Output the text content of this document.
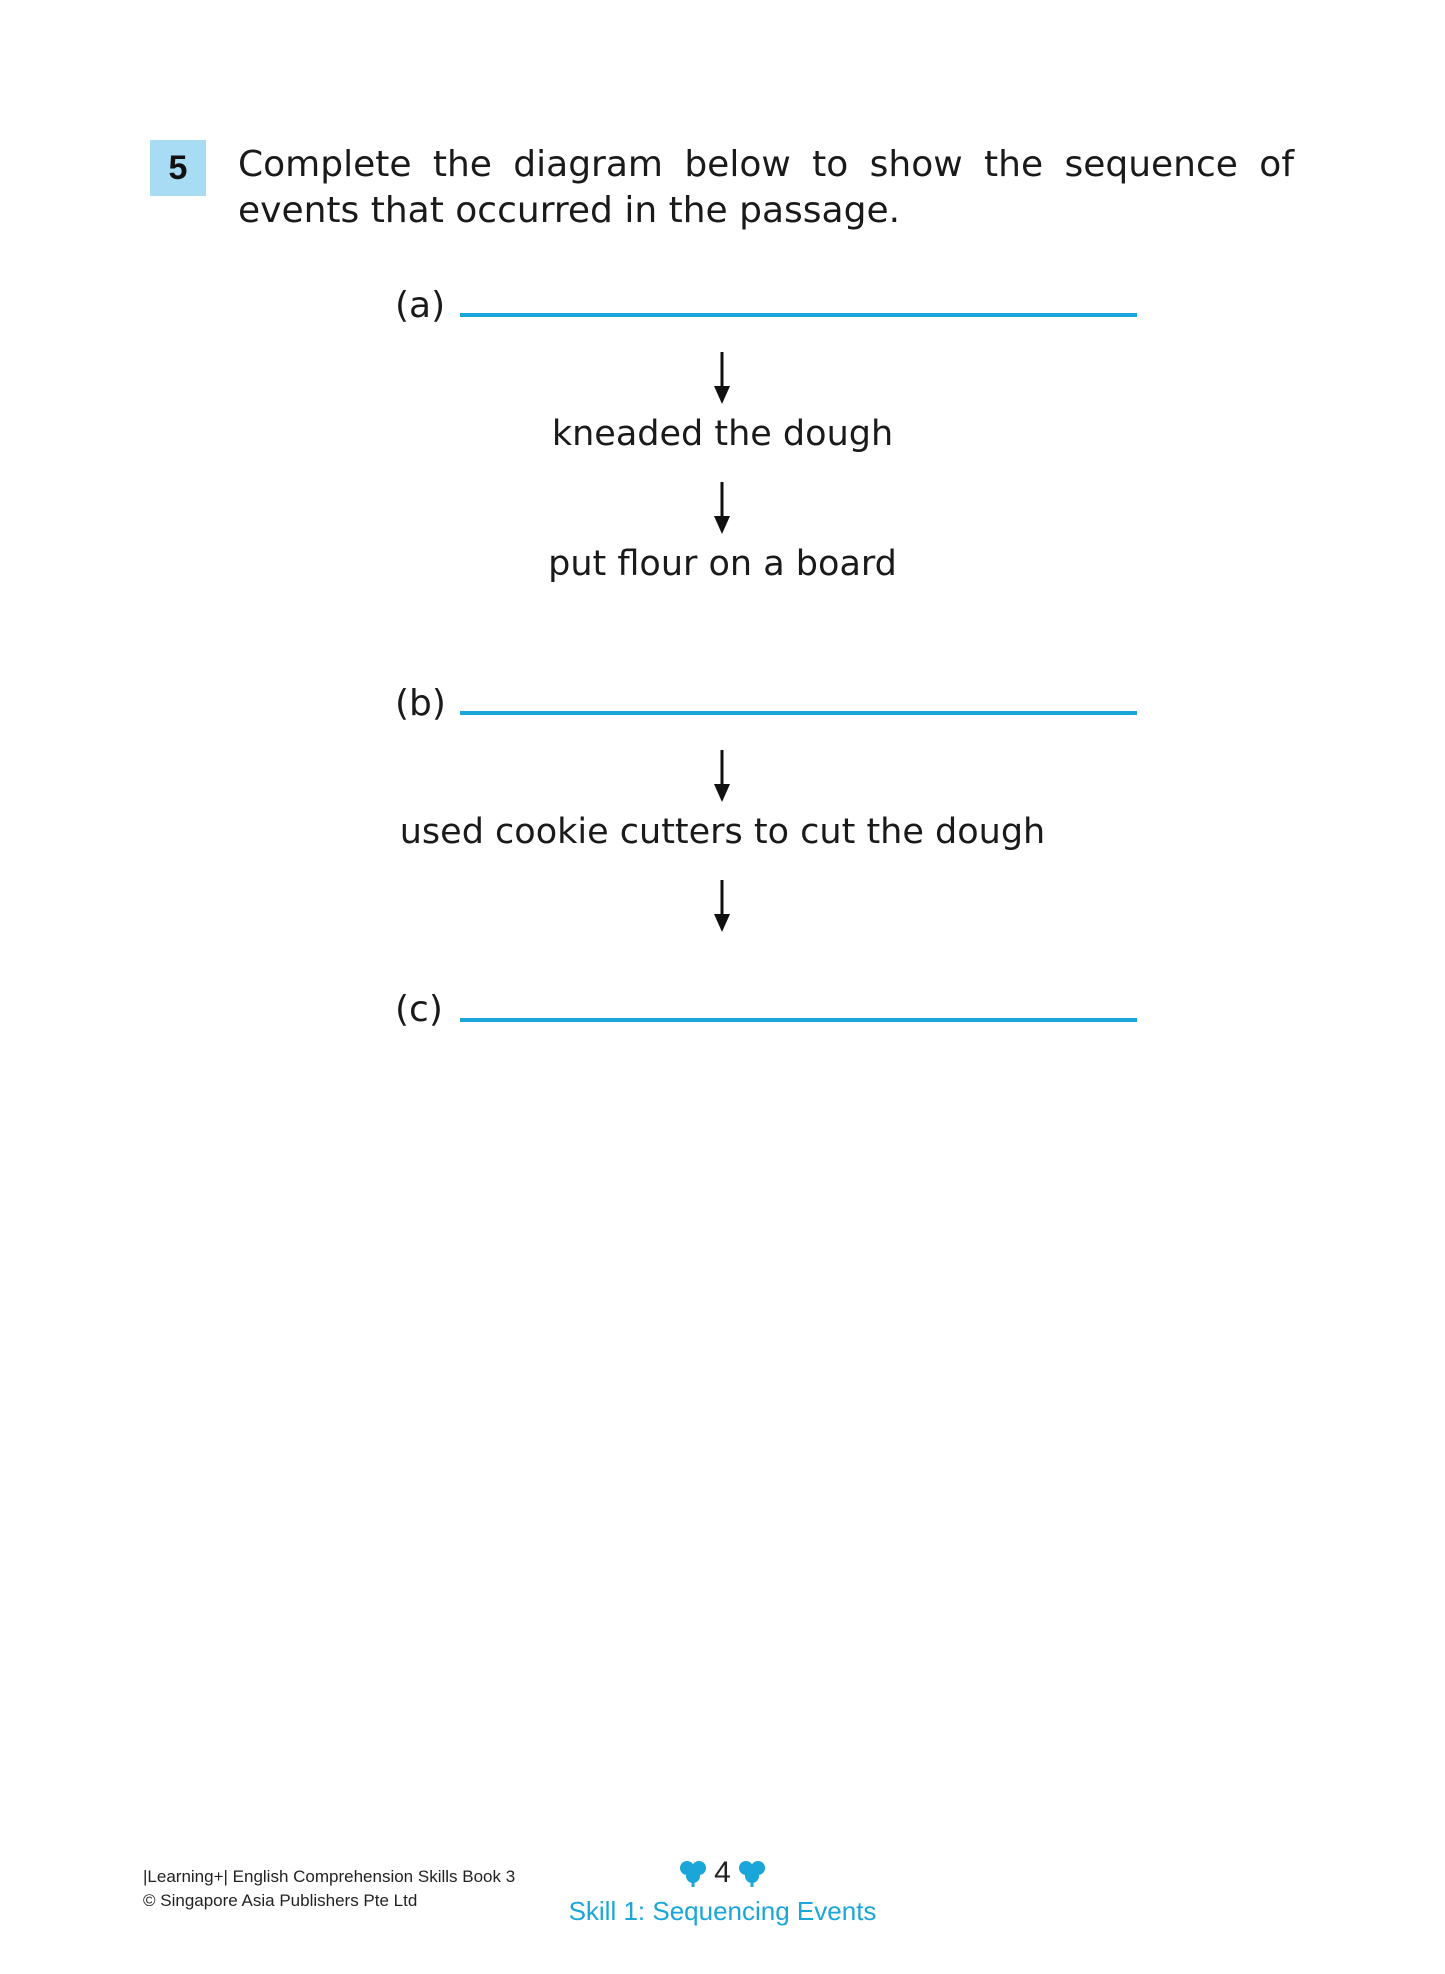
5	Complete the diagram below to show the sequence of events that occurred in the passage.
(a)
kneaded the dough
put flour on a board
(b)
used cookie cutters to cut the dough
(c)
|Learning+| English Comprehension Skills Book 3
© Singapore Asia Publishers Pte Ltd
4
Skill 1: Sequencing Events
